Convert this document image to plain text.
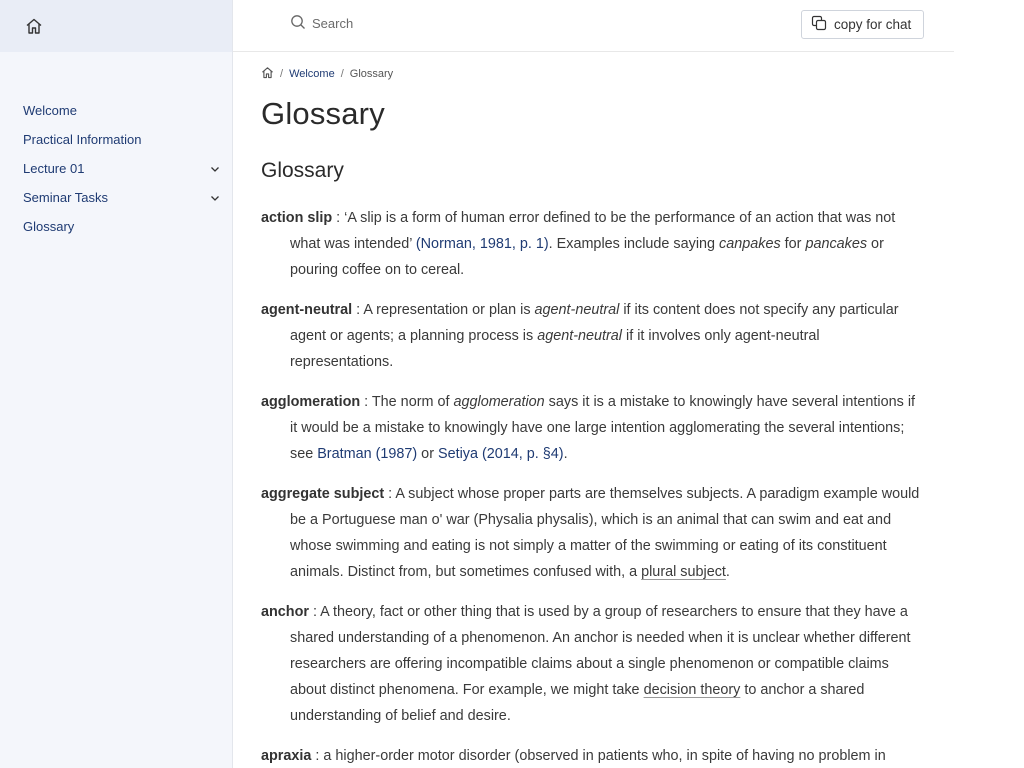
Welcome
Practical Information
Lecture 01
Seminar Tasks
Glossary
Search	copy for chat
/ Welcome / Glossary
Glossary
Glossary

action slip : ‘A slip is a form of human error defined to be the performance of an action that was not what was intended’ (Norman, 1981, p. 1). Examples include saying canpakes for pancakes or pouring coffee on to cereal.

agent-neutral : A representation or plan is agent-neutral if its content does not specify any particular agent or agents; a planning process is agent-neutral if it involves only agent-neutral representations.

agglomeration : The norm of agglomeration says it is a mistake to knowingly have several intentions if it would be a mistake to knowingly have one large intention agglomerating the several intentions; see Bratman (1987) or Setiya (2014, p. §4).

aggregate subject : A subject whose proper parts are themselves subjects. A paradigm example would be a Portuguese man o' war (Physalia physalis), which is an animal that can swim and eat and whose swimming and eating is not simply a matter of the swimming or eating of its constituent animals. Distinct from, but sometimes confused with, a plural subject.

anchor : A theory, fact or other thing that is used by a group of researchers to ensure that they have a shared understanding of a phenomenon. An anchor is needed when it is unclear whether different researchers are offering incompatible claims about a single phenomenon or compatible claims about distinct phenomena. For example, we might take decision theory to anchor a shared understanding of belief and desire.

apraxia : a higher-order motor disorder (observed in patients who, in spite of having no problem in
